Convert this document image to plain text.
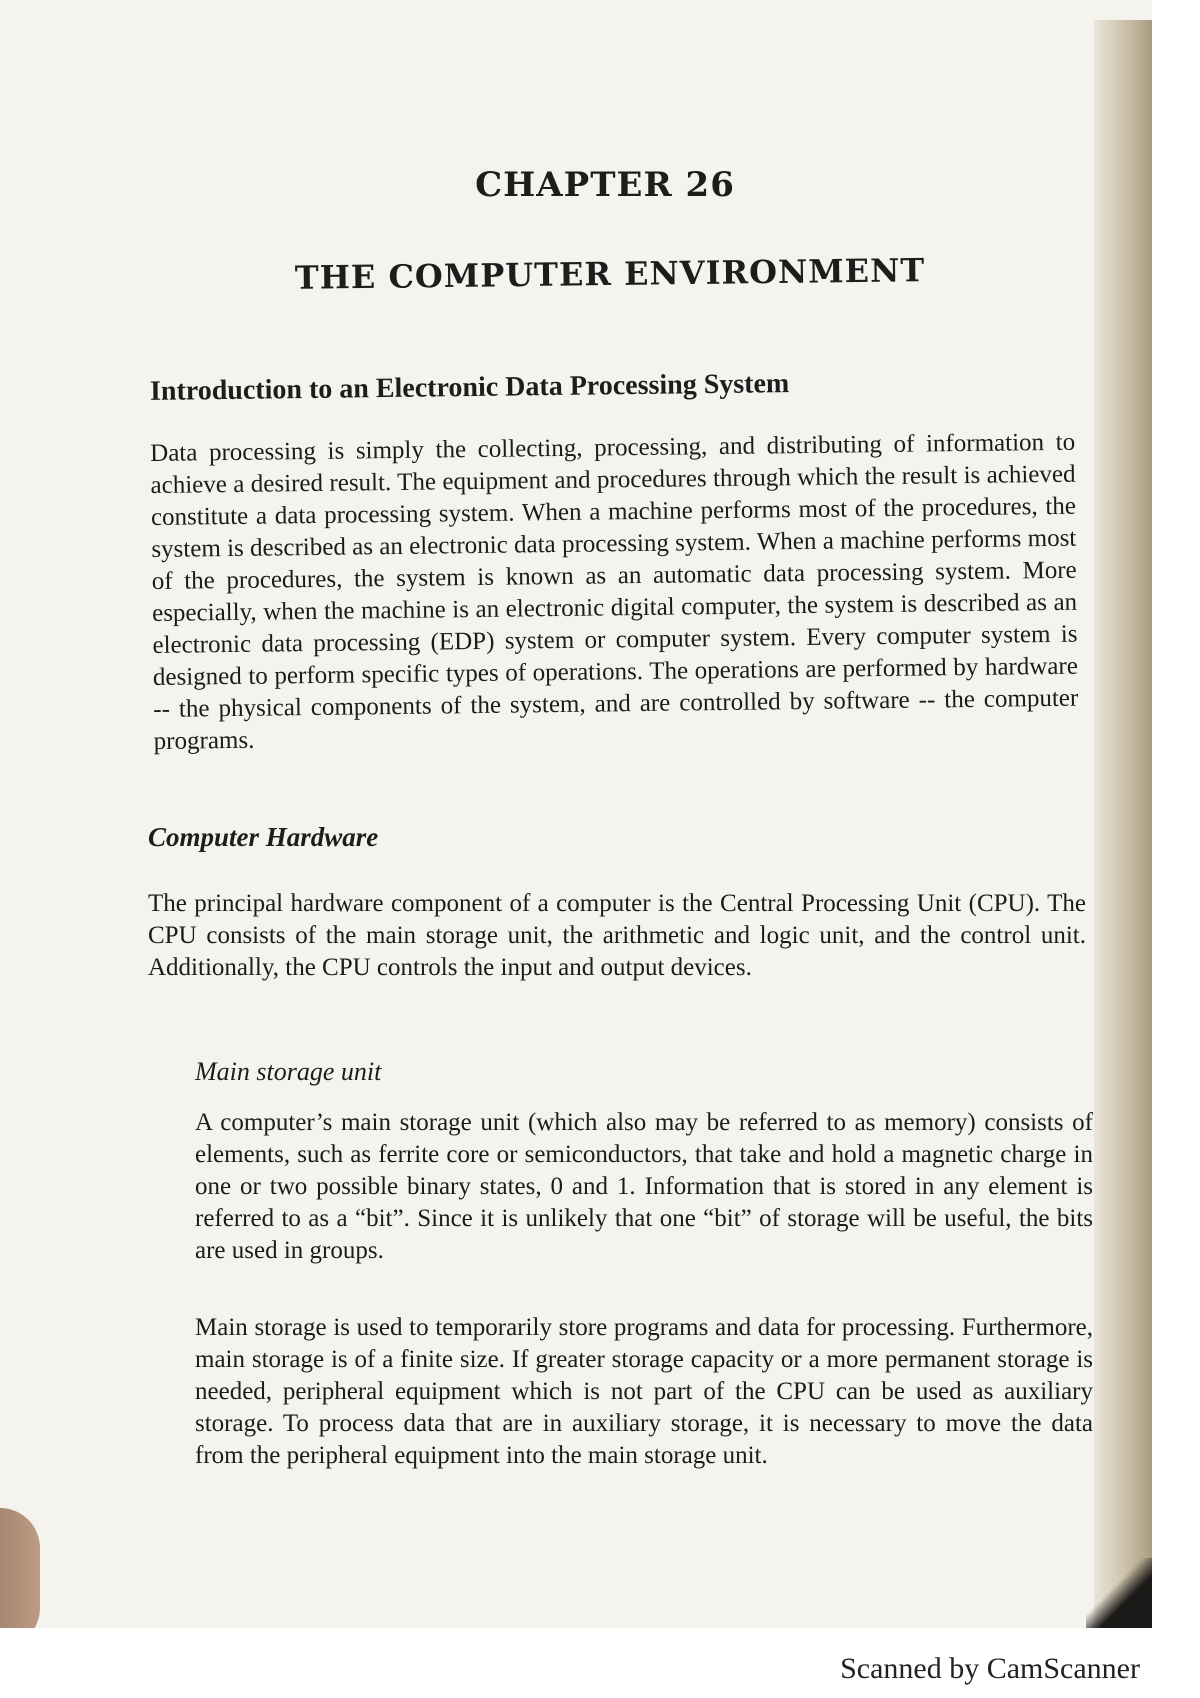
CHAPTER 26
THE COMPUTER ENVIRONMENT
Introduction to an Electronic Data Processing System

Data processing is simply the collecting, processing, and distributing of information to achieve a desired result. The equipment and procedures through which the result is achieved constitute a data processing system. When a machine performs most of the procedures, the system is described as an electronic data processing system. When a machine performs most of the procedures, the system is known as an automatic data processing system. More especially, when the machine is an electronic digital computer, the system is described as an electronic data processing (EDP) system or computer system. Every computer system is designed to perform specific types of operations. The operations are performed by hardware -- the physical components of the system, and are controlled by software -- the computer programs.

Computer Hardware

The principal hardware component of a computer is the Central Processing Unit (CPU). The CPU consists of the main storage unit, the arithmetic and logic unit, and the control unit. Additionally, the CPU controls the input and output devices.

Main storage unit

A computer’s main storage unit (which also may be referred to as memory) consists of elements, such as ferrite core or semiconductors, that take and hold a magnetic charge in one or two possible binary states, 0 and 1. Information that is stored in any element is referred to as a “bit”. Since it is unlikely that one “bit” of storage will be useful, the bits are used in groups.

Main storage is used to temporarily store programs and data for processing. Furthermore, main storage is of a finite size. If greater storage capacity or a more permanent storage is needed, peripheral equipment which is not part of the CPU can be used as auxiliary storage. To process data that are in auxiliary storage, it is necessary to move the data from the peripheral equipment into the main storage unit.

Scanned by CamScanner
